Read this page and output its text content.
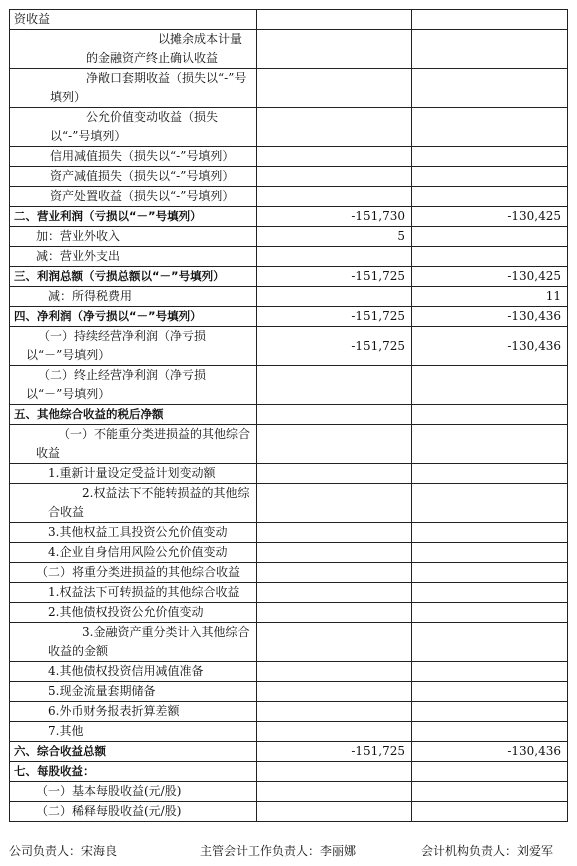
资收益		
以摊余成本计量的金融资产终止确认收益		
净敞口套期收益（损失以“-”号填列）		
公允价值变动收益（损失以“-”号填列）		
信用减值损失（损失以“-”号填列）		
资产减值损失（损失以“-”号填列）		
资产处置收益（损失以“-”号填列）		
二、营业利润（亏损以“－”号填列）	-151,730	-130,425
加：营业外收入	5	
减：营业外支出		
三、利润总额（亏损总额以“－”号填列）	-151,725	-130,425
减：所得税费用		11
四、净利润（净亏损以“－”号填列）	-151,725	-130,436
（一）持续经营净利润（净亏损以“－”号填列）	-151,725	-130,436
（二）终止经营净利润（净亏损以“－”号填列）		
五、其他综合收益的税后净额		
（一）不能重分类进损益的其他综合收益		
1.重新计量设定受益计划变动额		
2.权益法下不能转损益的其他综合收益		
3.其他权益工具投资公允价值变动		
4.企业自身信用风险公允价值变动		
（二）将重分类进损益的其他综合收益		
1.权益法下可转损益的其他综合收益		
2.其他债权投资公允价值变动		
3.金融资产重分类计入其他综合收益的金额		
4.其他债权投资信用减值准备		
5.现金流量套期储备		
6.外币财务报表折算差额		
7.其他		
六、综合收益总额	-151,725	-130,436
七、每股收益：		
（一）基本每股收益(元/股)		
（二）稀释每股收益(元/股)		
公司负责人：宋海良	主管会计工作负责人：李丽娜	会计机构负责人：刘爱军
